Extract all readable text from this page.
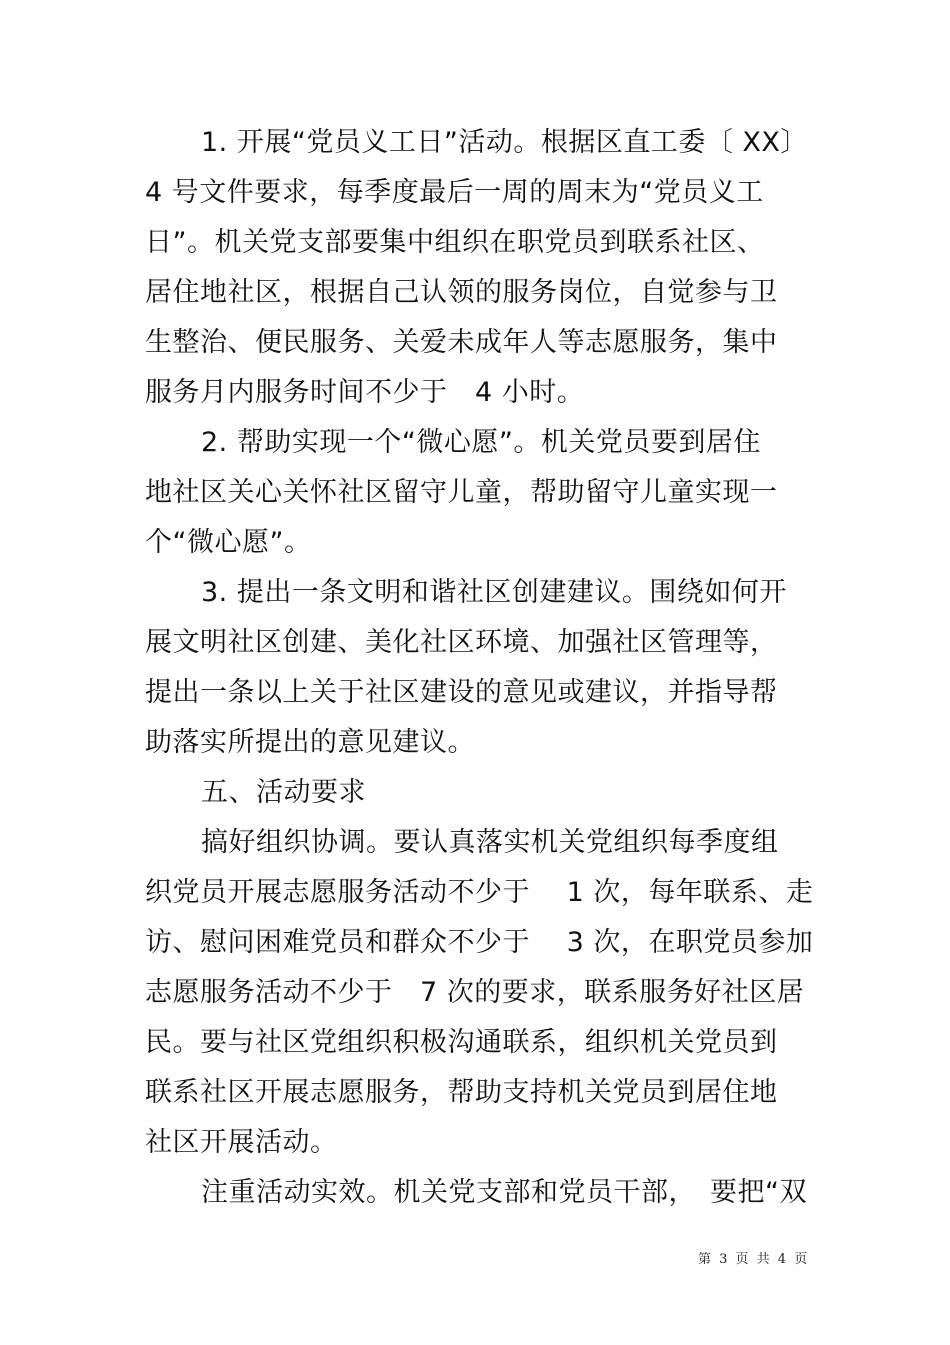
1. 开展“党员义工日”活动。根据区直工委〔 XX〕
4 号文件要求，每季度最后一周的周末为“党员义工
日”。机关党支部要集中组织在职党员到联系社区、
居住地社区，根据自己认领的服务岗位，自觉参与卫
生整治、便民服务、关爱未成年人等志愿服务，集中
服务月内服务时间不少于　4 小时。
2. 帮助实现一个“微心愿”。机关党员要到居住
地社区关心关怀社区留守儿童，帮助留守儿童实现一
个“微心愿”。
3. 提出一条文明和谐社区创建建议。围绕如何开
展文明社区创建、美化社区环境、加强社区管理等，
提出一条以上关于社区建设的意见或建议，并指导帮
助落实所提出的意见建议。
五、活动要求
搞好组织协调。要认真落实机关党组织每季度组
织党员开展志愿服务活动不少于　 1 次，每年联系、走
访、慰问困难党员和群众不少于　 3 次，在职党员参加
志愿服务活动不少于　7 次的要求，联系服务好社区居
民。要与社区党组织积极沟通联系，组织机关党员到
联系社区开展志愿服务，帮助支持机关党员到居住地
社区开展活动。
注重活动实效。机关党支部和党员干部，　要把“双
第 3 页 共 4 页
